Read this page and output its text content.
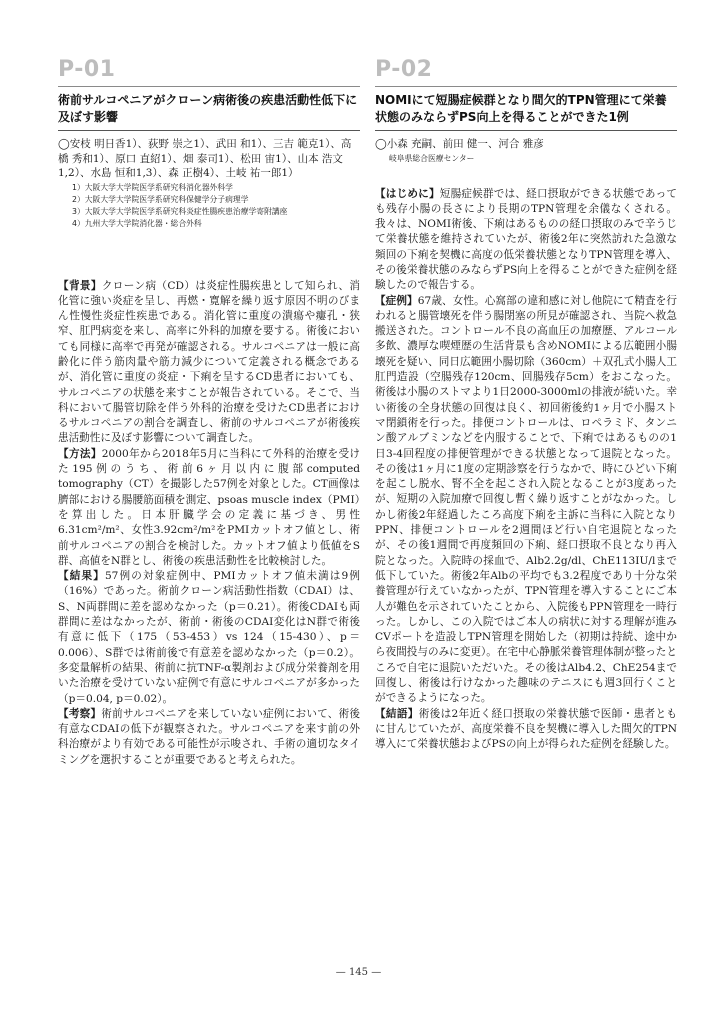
P-01
術前サルコペニアがクローン病術後の疾患活動性低下に及ぼす影響
◯安枝 明日香1）、荻野 崇之1）、武田 和1）、三吉 範克1）、高橋 秀和1）、原口 直紹1）、畑 泰司1）、松田 宙1）、山本 浩文1,2）、水島 恒和1,3）、森 正樹4）、土岐 祐一郎1）
1）大阪大学大学院医学系研究科消化器外科学
2）大阪大学大学院医学系研究科保健学分子病理学
3）大阪大学大学院医学系研究科炎症性腸疾患治療学寄附講座
4）九州大学大学院消化器・総合外科

【背景】クローン病（CD）は炎症性腸疾患として知られ、消化管に強い炎症を呈し、再燃・寛解を繰り返す原因不明のびまん性慢性炎症性疾患である。消化管に重度の潰瘍や瘻孔・狭窄、肛門病変を来し、高率に外科的加療を要する。術後においても同様に高率で再発が確認される。サルコペニアは一般に高齢化に伴う筋肉量や筋力減少について定義される概念であるが、消化管に重度の炎症・下痢を呈するCD患者においても、サルコペニアの状態を来すことが報告されている。そこで、当科において腸管切除を伴う外科的治療を受けたCD患者におけるサルコペニアの割合を調査し、術前のサルコペニアが術後疾患活動性に及ぼす影響について調査した。

【方法】2000年から2018年5月に当科にて外科的治療を受けた195例のうち、術前6ヶ月以内に腹部computed tomography（CT）を撮影した57例を対象とした。CT画像は臍部における腸腰筋面積を測定、psoas muscle index（PMI）を算出した。日本肝臓学会の定義に基づき、男性6.31cm²/m²、女性3.92cm²/m²をPMIカットオフ値とし、術前サルコペニアの割合を検討した。カットオフ値より低値をS群、高値をN群とし、術後の疾患活動性を比較検討した。

【結果】57例の対象症例中、PMIカットオフ値未満は9例（16%）であった。術前クローン病活動性指数（CDAI）は、S、N両群間に差を認めなかった（p＝0.21）。術後CDAIも両群間に差はなかったが、術前・術後のCDAI変化はN群で術後有意に低下（175（53-453）vs 124（15-430）、p＝0.006）、S群では術前後で有意差を認めなかった（p＝0.2）。多変量解析の結果、術前に抗TNF-α製剤および成分栄養剤を用いた治療を受けていない症例で有意にサルコペニアが多かった（p＝0.04, p＝0.02）。

【考察】術前サルコペニアを来していない症例において、術後有意なCDAIの低下が観察された。サルコペニアを来す前の外科治療がより有効である可能性が示唆され、手術の適切なタイミングを選択することが重要であると考えられた。

P-02
NOMIにて短腸症候群となり間欠的TPN管理にて栄養状態のみならずPS向上を得ることができた1例
◯小森 充嗣、前田 健一、河合 雅彦
岐阜県総合医療センター

【はじめに】短腸症候群では、経口摂取ができる状態であっても残存小腸の長さにより長期のTPN管理を余儀なくされる。我々は、NOMI術後、下痢はあるものの経口摂取のみで辛うじて栄養状態を維持されていたが、術後2年に突然訪れた急激な頻回の下痢を契機に高度の低栄養状態となりTPN管理を導入、その後栄養状態のみならずPS向上を得ることができた症例を経験したので報告する。

【症例】67歳、女性。心窩部の違和感に対し他院にて精査を行われると腸管壊死を伴う腸閉塞の所見が確認され、当院へ救急搬送された。コントロール不良の高血圧の加療歴、アルコール多飲、濃厚な喫煙歴の生活背景も含めNOMIによる広範囲小腸壊死を疑い、同日広範囲小腸切除（360cm）＋双孔式小腸人工肛門造設（空腸残存120cm、回腸残存5cm）をおこなった。術後は小腸のストマより1日2000-3000mlの排液が続いた。幸い術後の全身状態の回復は良く、初回術後約1ヶ月で小腸ストマ閉鎖術を行った。排便コントロールは、ロペラミド、タンニン酸アルブミンなどを内服することで、下痢ではあるものの1日3-4回程度の排便管理ができる状態となって退院となった。その後は1ヶ月に1度の定期診察を行うなかで、時にひどい下痢を起こし脱水、腎不全を起こされ入院となることが3度あったが、短期の入院加療で回復し暫く繰り返すことがなかった。しかし術後2年経過したころ高度下痢を主訴に当科に入院となりPPN、排便コントロールを2週間ほど行い自宅退院となったが、その後1週間で再度頻回の下痢、経口摂取不良となり再入院となった。入院時の採血で、Alb2.2g/dl、ChE113IU/lまで低下していた。術後2年Albの平均でも3.2程度であり十分な栄養管理が行えていなかったが、TPN管理を導入することにご本人が難色を示されていたことから、入院後もPPN管理を一時行った。しかし、この入院ではご本人の病状に対する理解が進みCVポートを造設しTPN管理を開始した（初期は持続、途中から夜間投与のみに変更）。在宅中心静脈栄養管理体制が整ったところで自宅に退院いただいた。その後はAlb4.2、ChE254まで回復し、術後は行けなかった趣味のテニスにも週3回行くことができるようになった。

【結語】術後は2年近く経口摂取の栄養状態で医師・患者ともに甘んじていたが、高度栄養不良を契機に導入した間欠的TPN導入にて栄養状態およびPSの向上が得られた症例を経験した。

— 145 —
